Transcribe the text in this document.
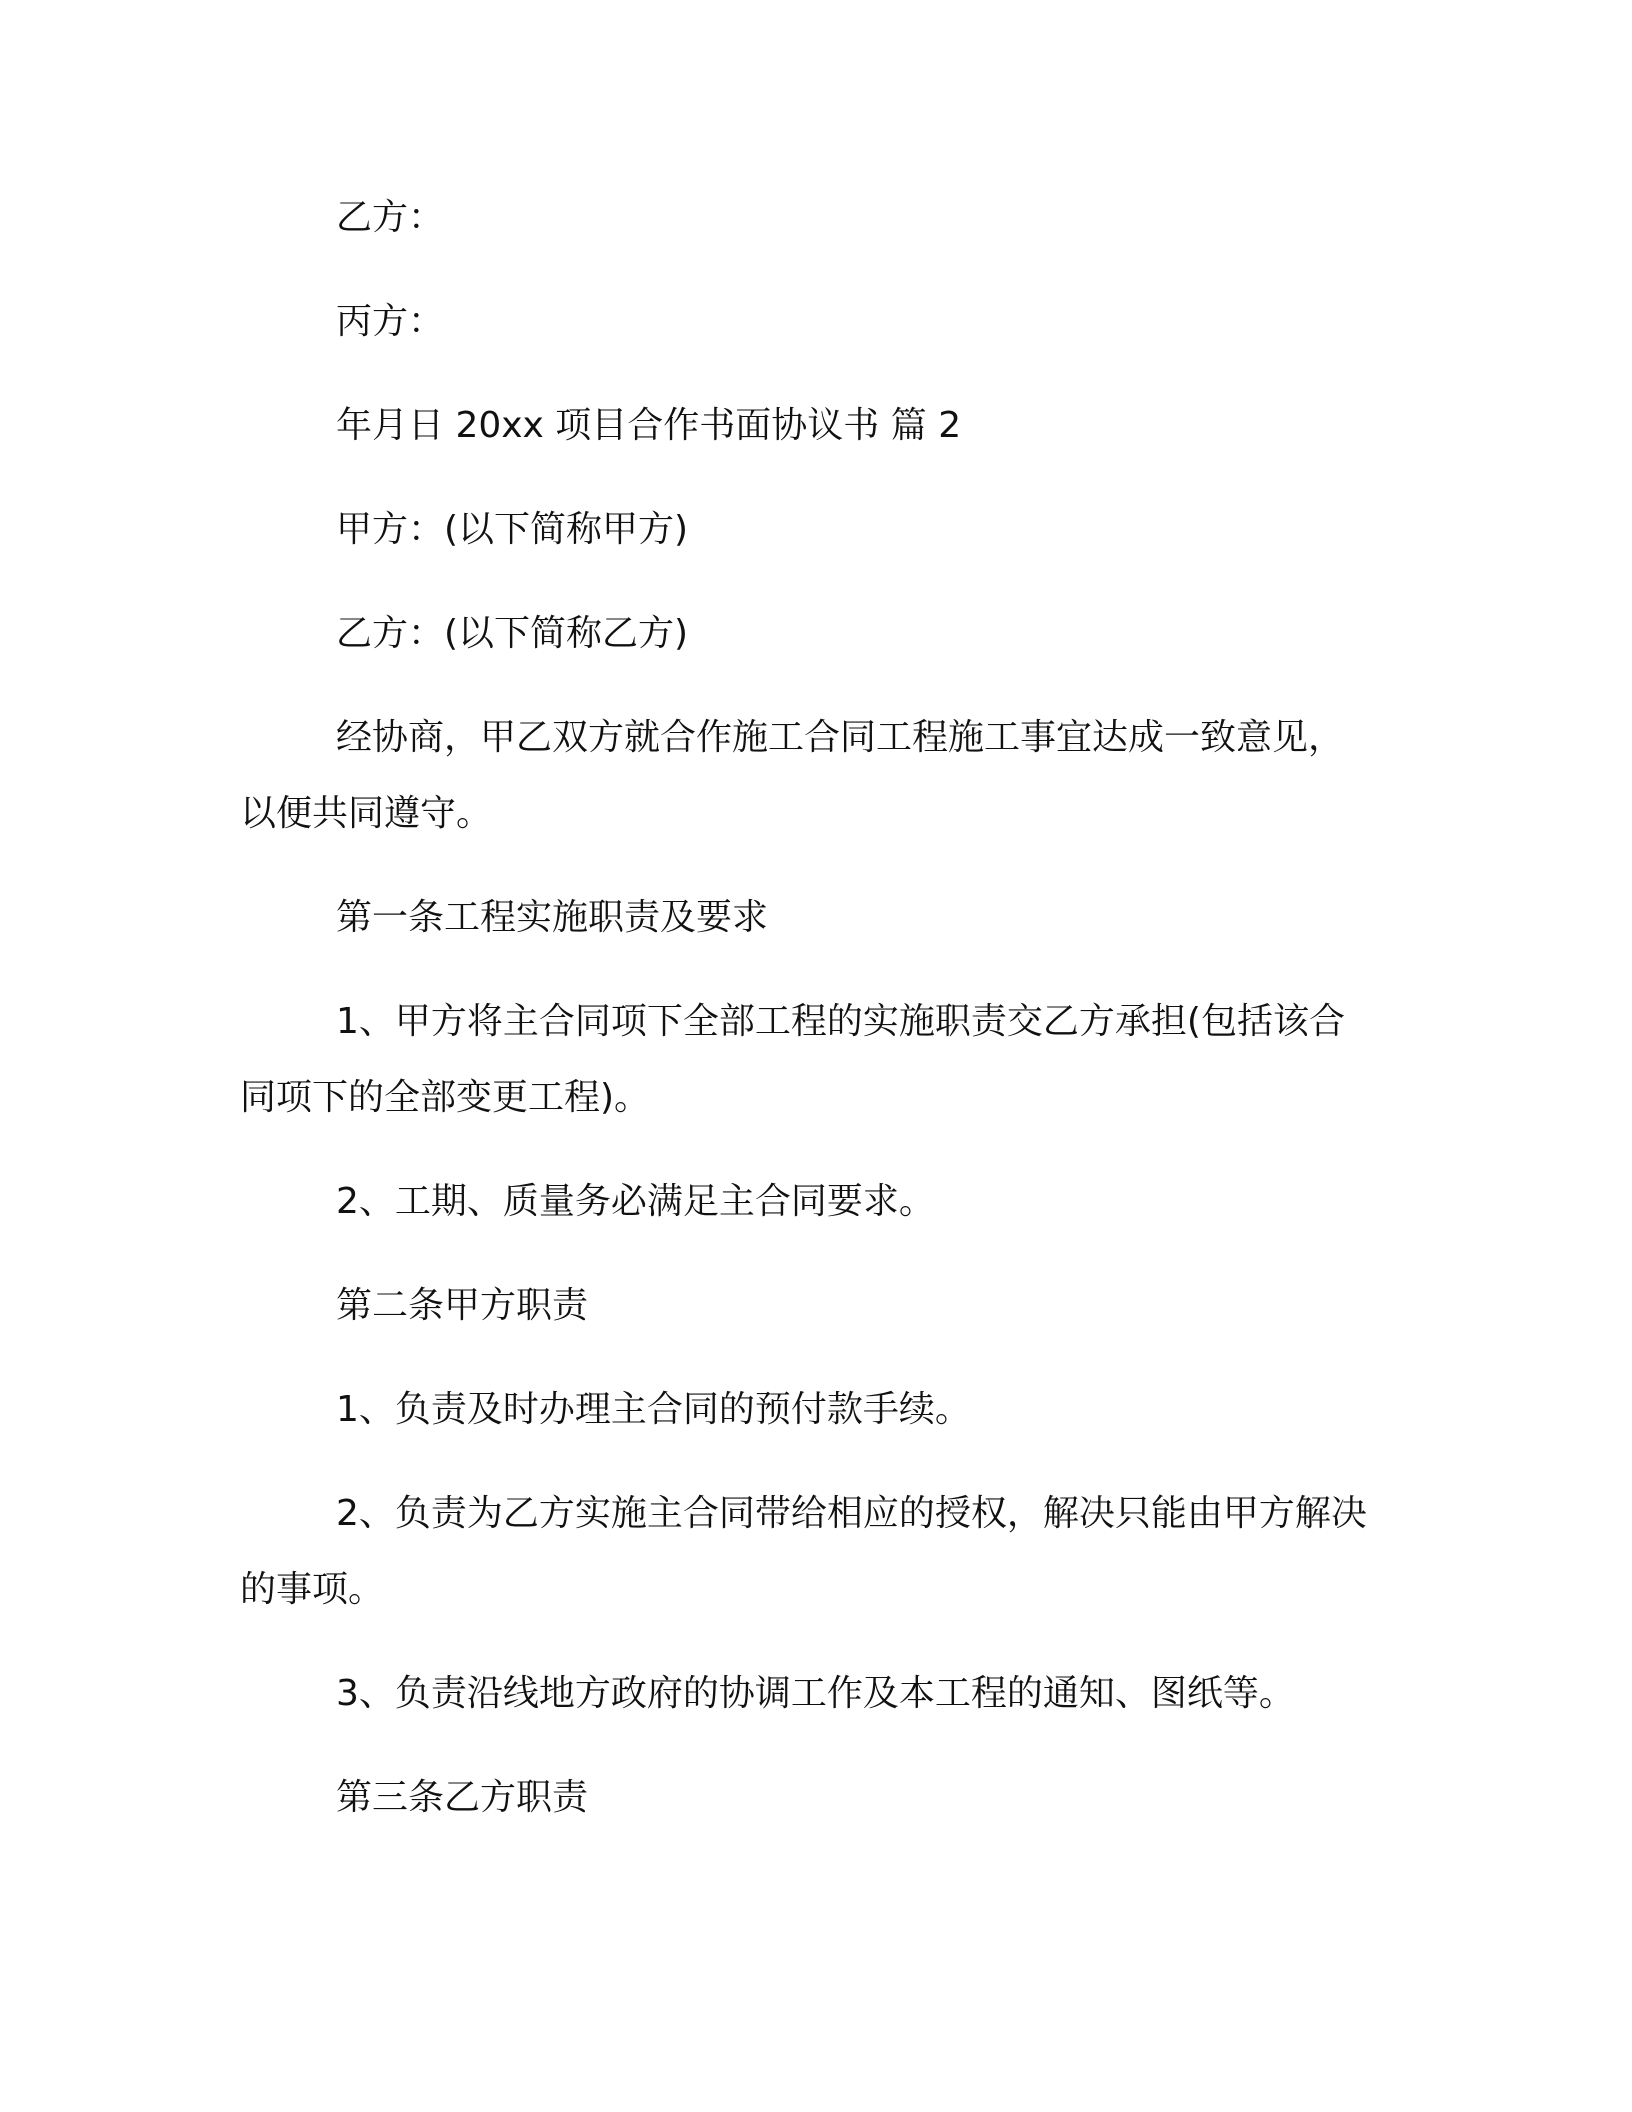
乙方：

丙方：

年月日 20xx 项目合作书面协议书 篇 2

甲方：(以下简称甲方)

乙方：(以下简称乙方)

经协商，甲乙双方就合作施工合同工程施工事宜达成一致意见，以便共同遵守。

第一条工程实施职责及要求

1、甲方将主合同项下全部工程的实施职责交乙方承担(包括该合同项下的全部变更工程)。

2、工期、质量务必满足主合同要求。

第二条甲方职责

1、负责及时办理主合同的预付款手续。

2、负责为乙方实施主合同带给相应的授权，解决只能由甲方解决的事项。

3、负责沿线地方政府的协调工作及本工程的通知、图纸等。

第三条乙方职责
